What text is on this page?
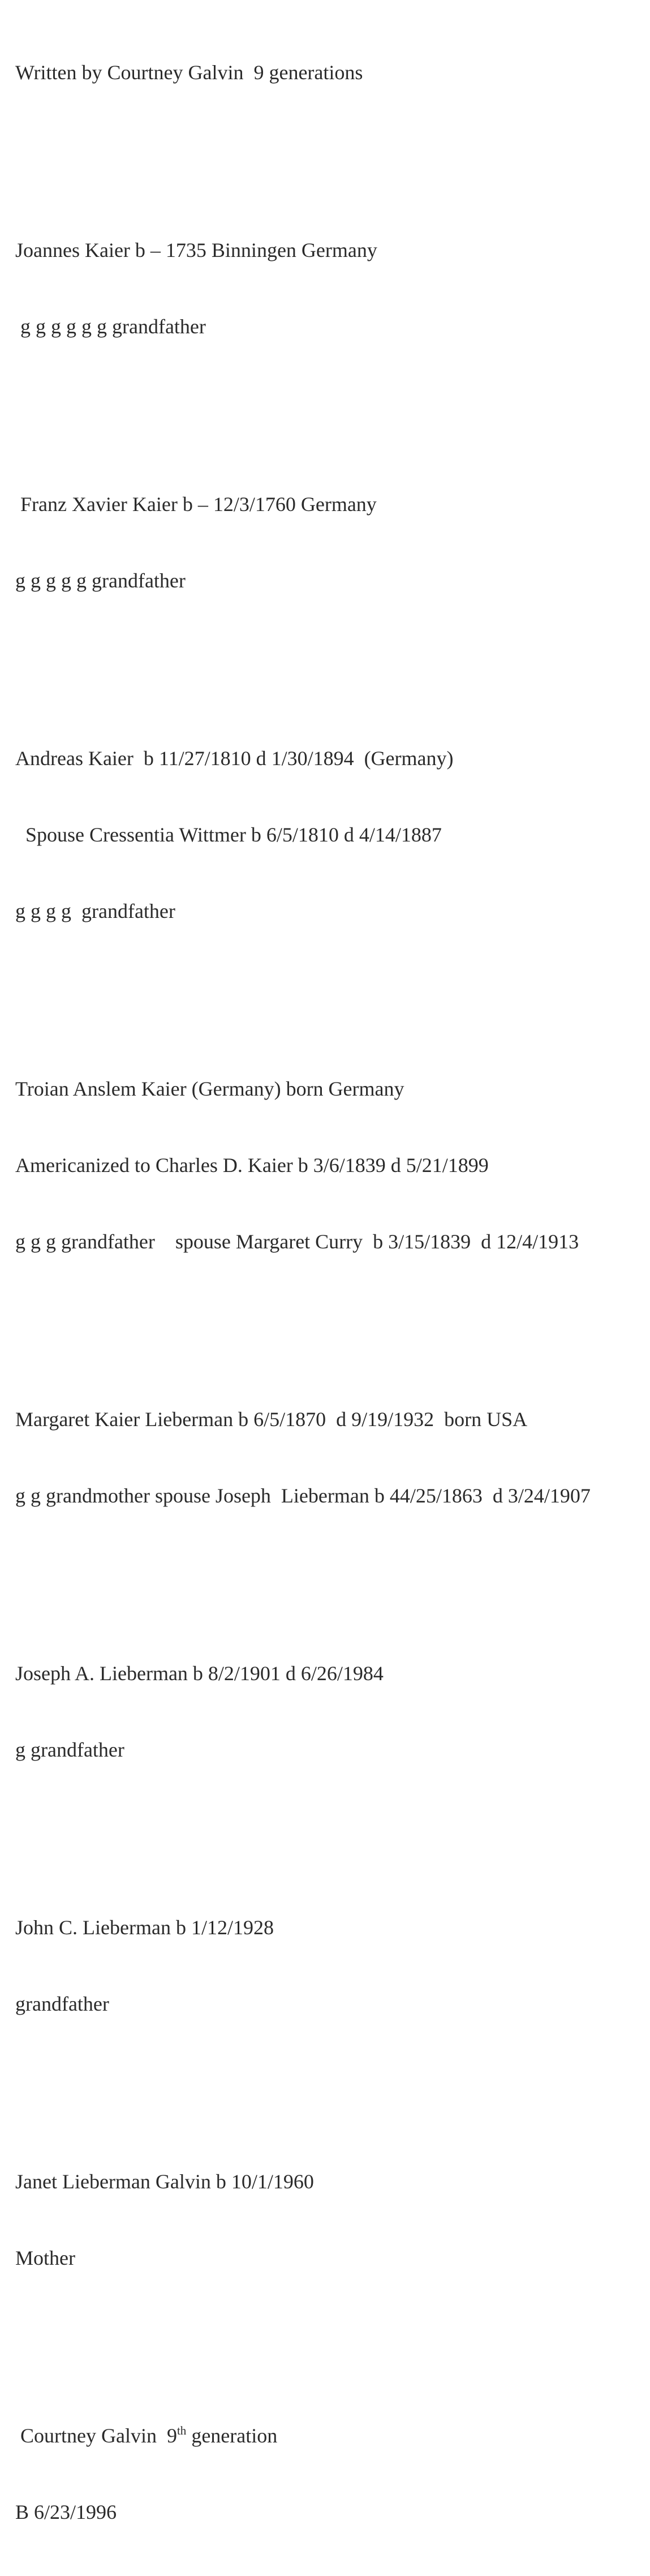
Written by Courtney Galvin  9 generations

Joannes Kaier b – 1735 Binningen Germany

g g g g g g grandfather

Franz Xavier Kaier b – 12/3/1760 Germany

g g g g g grandfather

Andreas Kaier  b 11/27/1810 d 1/30/1894  (Germany)

Spouse Cressentia Wittmer b 6/5/1810 d 4/14/1887

g g g g  grandfather

Troian Anslem Kaier (Germany) born Germany

Americanized to Charles D. Kaier b 3/6/1839 d 5/21/1899

g g g grandfather    spouse Margaret Curry  b 3/15/1839  d 12/4/1913

Margaret Kaier Lieberman b 6/5/1870  d 9/19/1932  born USA

g g grandmother spouse Joseph  Lieberman b 44/25/1863  d 3/24/1907

Joseph A. Lieberman b 8/2/1901 d 6/26/1984

g grandfather

John C. Lieberman b 1/12/1928

grandfather

Janet Lieberman Galvin b 10/1/1960

Mother

Courtney Galvin  9th generation

B 6/23/1996
